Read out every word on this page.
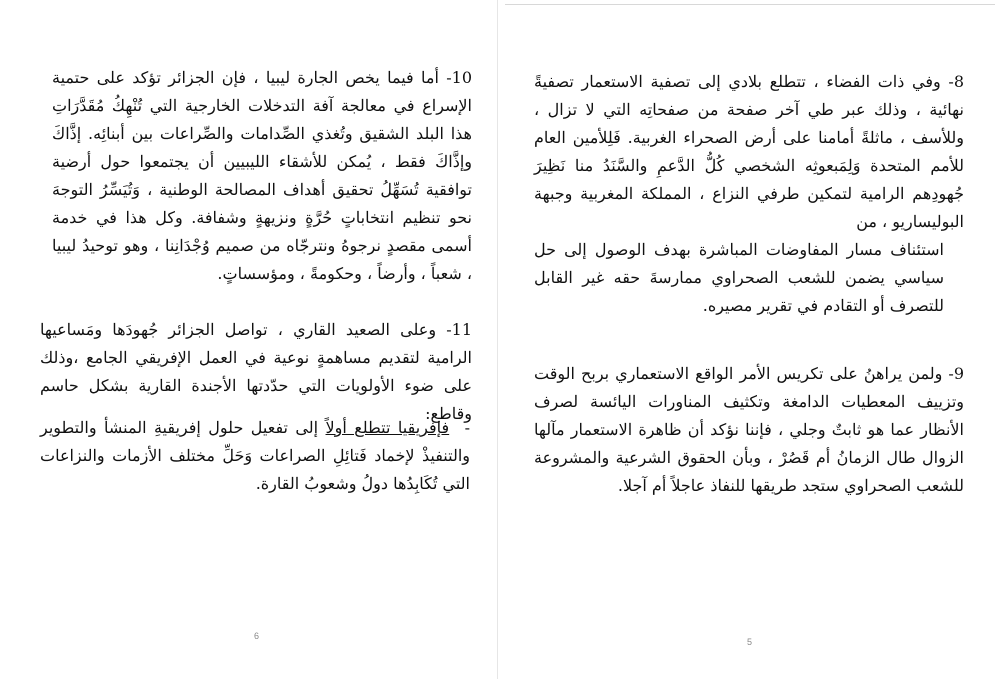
10- أما فيما يخص الجارة ليبيا ، فإن الجزائر تؤكد على حتمية الإسراع في معالجة آفة التدخلات الخارجية التي تُنْهِكُ مُقَدَّرَاتِ هذا البلد الشقيق وتُغذي الصِّدامات والصِّراعات بين أبنائِه. إذَّاكَ وإذَّاكَ فقط ، يُمكن للأشقاء الليبيين أن يجتمعوا حول أرضية توافقية تُسَهِّلُ تحقيق أهداف المصالحة الوطنية ، وَتُيَسِّرُ التوجهَ نحو تنظيم انتخاباتٍ حُرَّةٍ ونزيهةٍ وشفافة. وكل هذا في خدمة أسمى مقصدٍ نرجوهُ ونترجّاه من صميم وُجْدَانِنا ، وهو توحيدُ ليبيا ، شعباً ، وأرضاً ، وحكومةً ، ومؤسساتٍ.

11- وعلى الصعيد القاري ، تواصل الجزائر جُهودَها ومَساعيها الرامية لتقديم مساهمةٍ نوعية في العمل الإفريقي الجامع ،وذلك على ضوء الأولويات التي حدّدتها الأجندة القارية بشكل حاسم وقاطع:

- فإفريقيا تتطلع أولاً إلى تفعيل حلول إفريقيةِ المنشأ والتطوير والتنفيذْ لإخماد فَتائِلِ الصراعات وَحَلِّ مختلف الأزمات والنزاعات التي تُكَابِدُها دولُ وشعوبُ القارة.

6

8- وفي ذات الفضاء ، تتطلع بلادي إلى تصفية الاستعمار تصفيةً نهائية ، وذلك عبر طي آخر صفحة من صفحاتِه التي لا تزال ، وللأسف ، ماثلةً أمامنا على أرض الصحراء الغربية. فَلِلأمين العام للأمم المتحدة وَلِمَبعوثِه الشخصي كُلُّ الدَّعمِ والسَّنَدُ منا نَظِيرَ جُهودِهم الرامية لتمكين طرفي النزاع ، المملكة المغربية وجبهة البوليساريو ، من

استئناف مسار المفاوضات المباشرة بهدف الوصول إلى حل سياسي يضمن للشعب الصحراوي ممارسةَ حقه غير القابل للتصرف أو التقادم في تقرير مصيره.

9- ولمن يراهنُ على تكريس الأمر الواقع الاستعماري بربح الوقت وتزييف المعطيات الدامغة وتكثيف المناورات اليائسة لصرف الأنظار عما هو ثابتٌ وجلي ، فإننا نؤكد أن ظاهرة الاستعمار مآلها الزوال طال الزمانُ أم قَصُرْ ، وبأن الحقوق الشرعية والمشروعة للشعب الصحراوي ستجد طريقها للنفاذ عاجلاً أم آجلا.

5
